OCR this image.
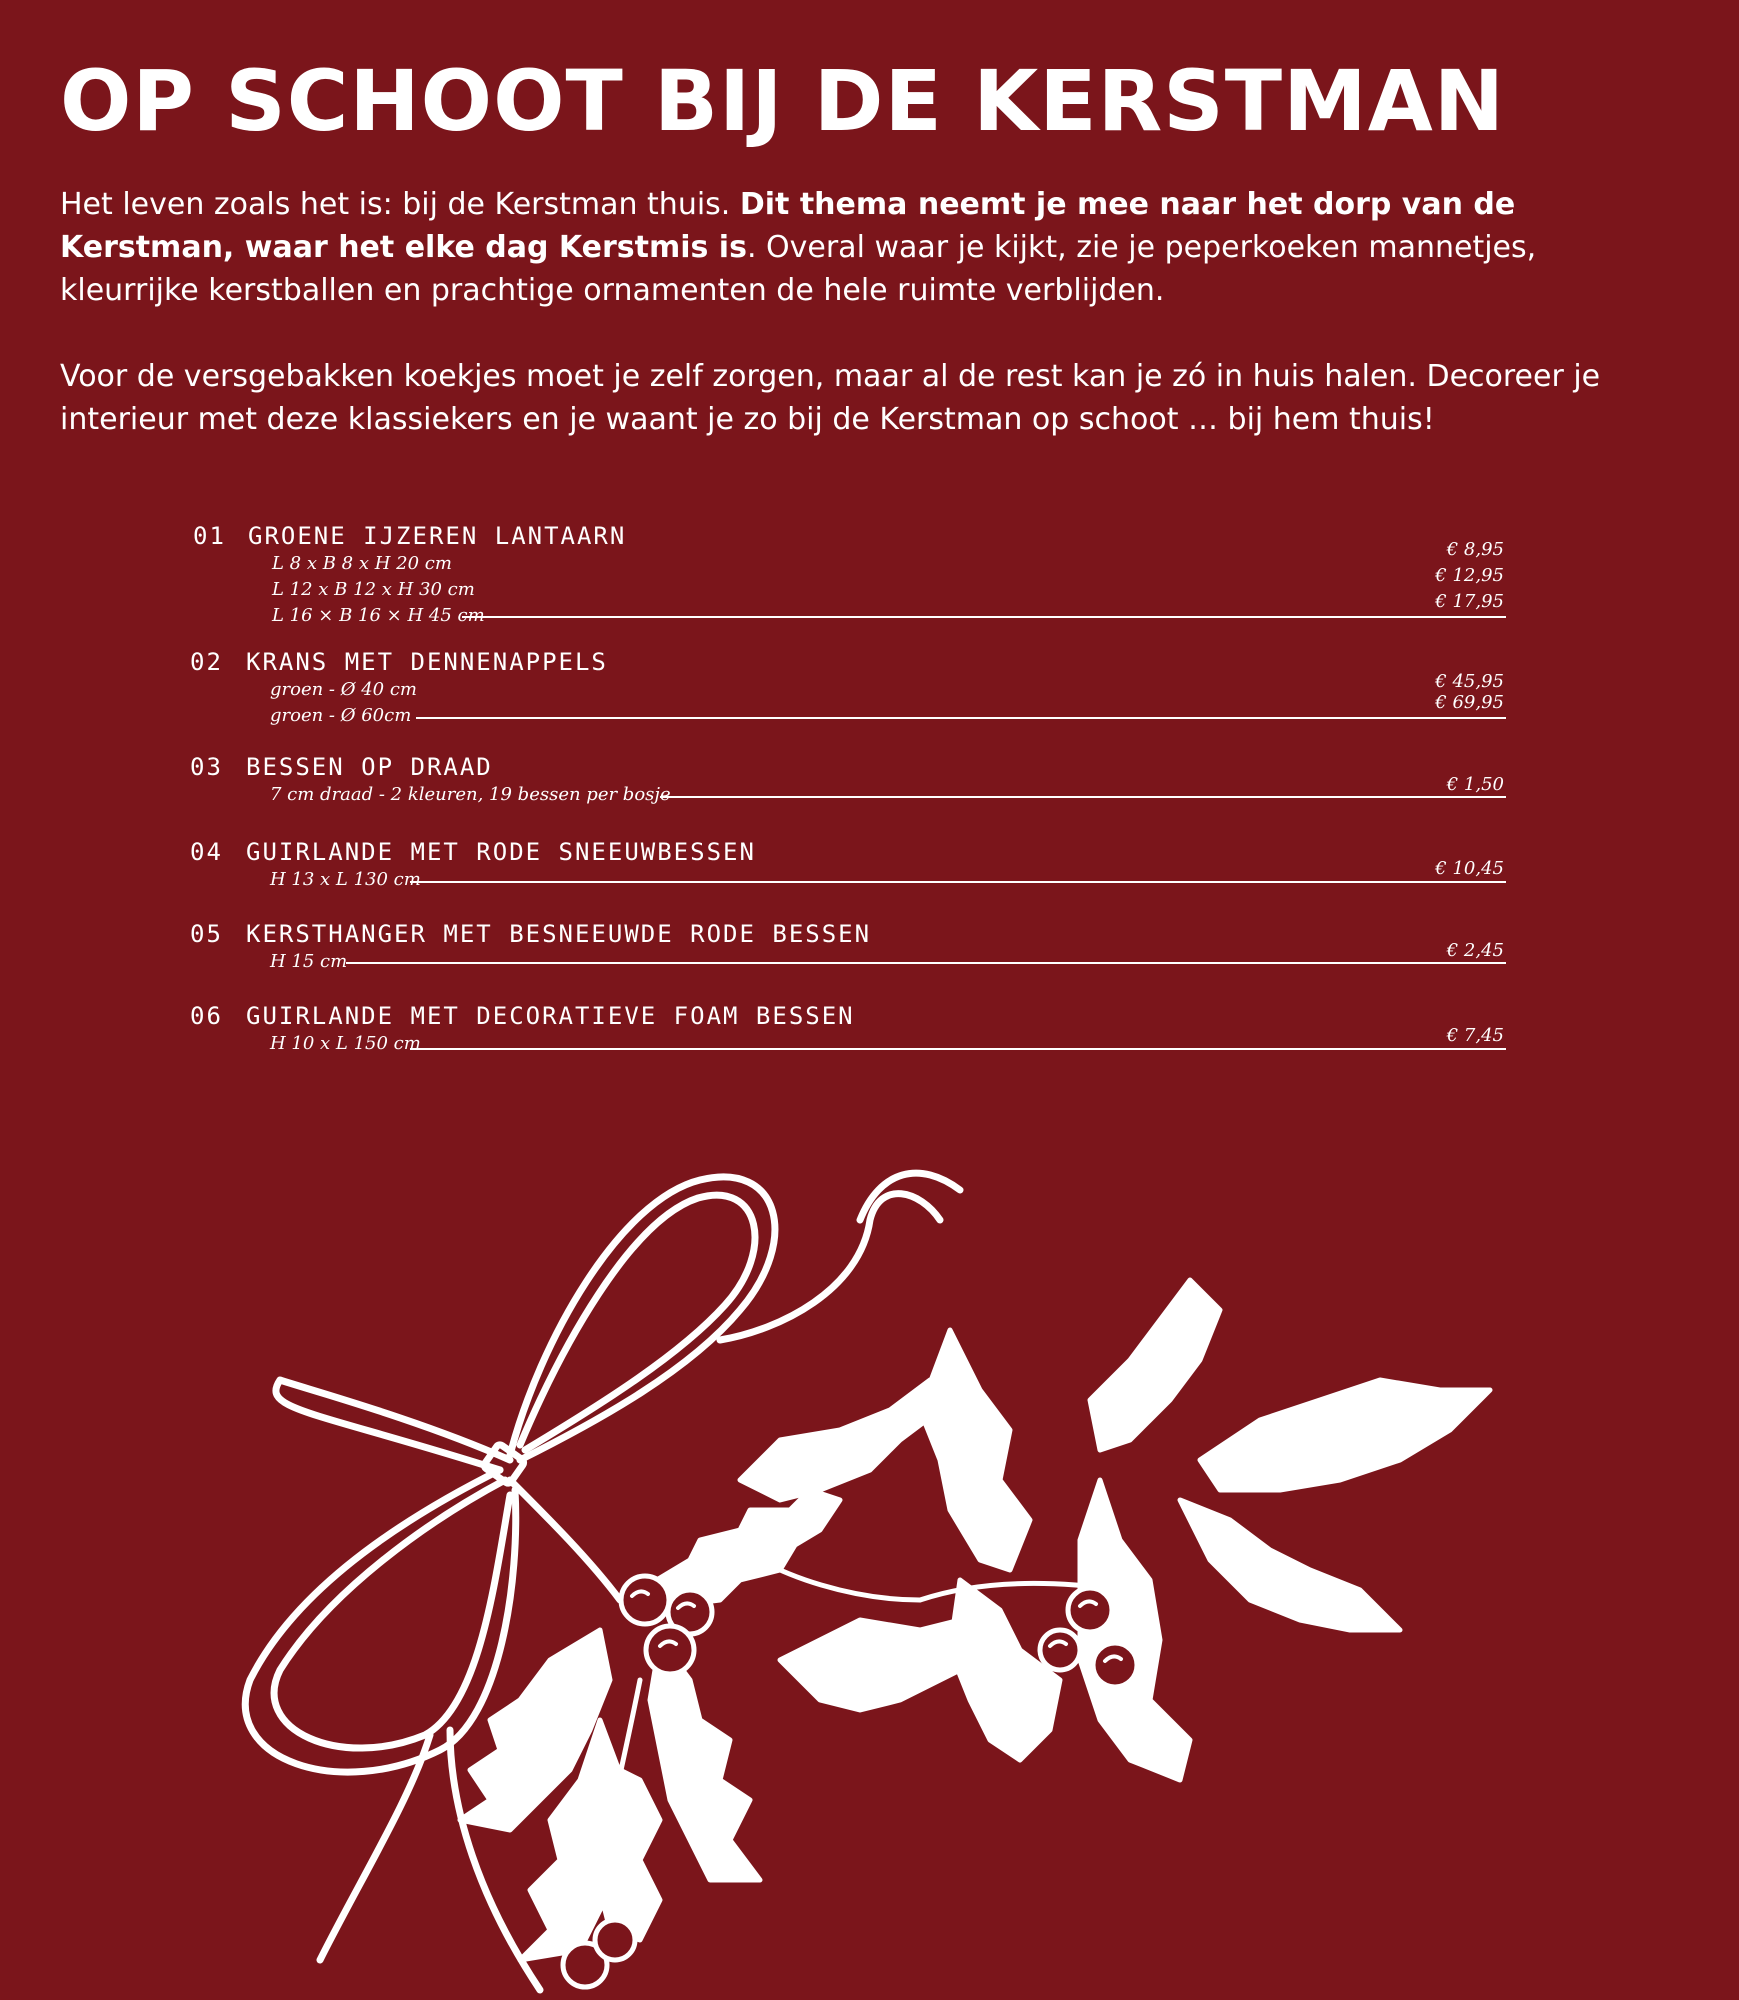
OP SCHOOT BIJ DE KERSTMAN

Het leven zoals het is: bij de Kerstman thuis. Dit thema neemt je mee naar het dorp van de Kerstman, waar het elke dag Kerstmis is. Overal waar je kijkt, zie je peperkoeken mannetjes, kleurrijke kerstballen en prachtige ornamenten de hele ruimte verblijden.

Voor de versgebakken koekjes moet je zelf zorgen, maar al de rest kan je zó in huis halen. Decoreer je interieur met deze klassiekers en je waant je zo bij de Kerstman op schoot … bij hem thuis!

01 GROENE IJZEREN LANTAARN
L 8 x B 8 x H 20 cm
L 12 x B 12 x H 30 cm
L 16 × B 16 × H 45 cm
€ 8,95
€ 12,95
€ 17,95
02 KRANS MET DENNENAPPELS
groen - Ø 40 cm
groen - Ø 60cm
€ 45,95
€ 69,95
03 BESSEN OP DRAAD
7 cm draad - 2 kleuren, 19 bessen per bosje	€ 1,50
04 GUIRLANDE MET RODE SNEEUWBESSEN
H 13 x L 130 cm
€ 10,45
05 KERSTHANGER MET BESNEEUWDE RODE BESSEN
H 15 cm
€ 2,45
06 GUIRLANDE MET DECORATIEVE FOAM BESSEN
H 10 x L 150 cm	€ 7,45
